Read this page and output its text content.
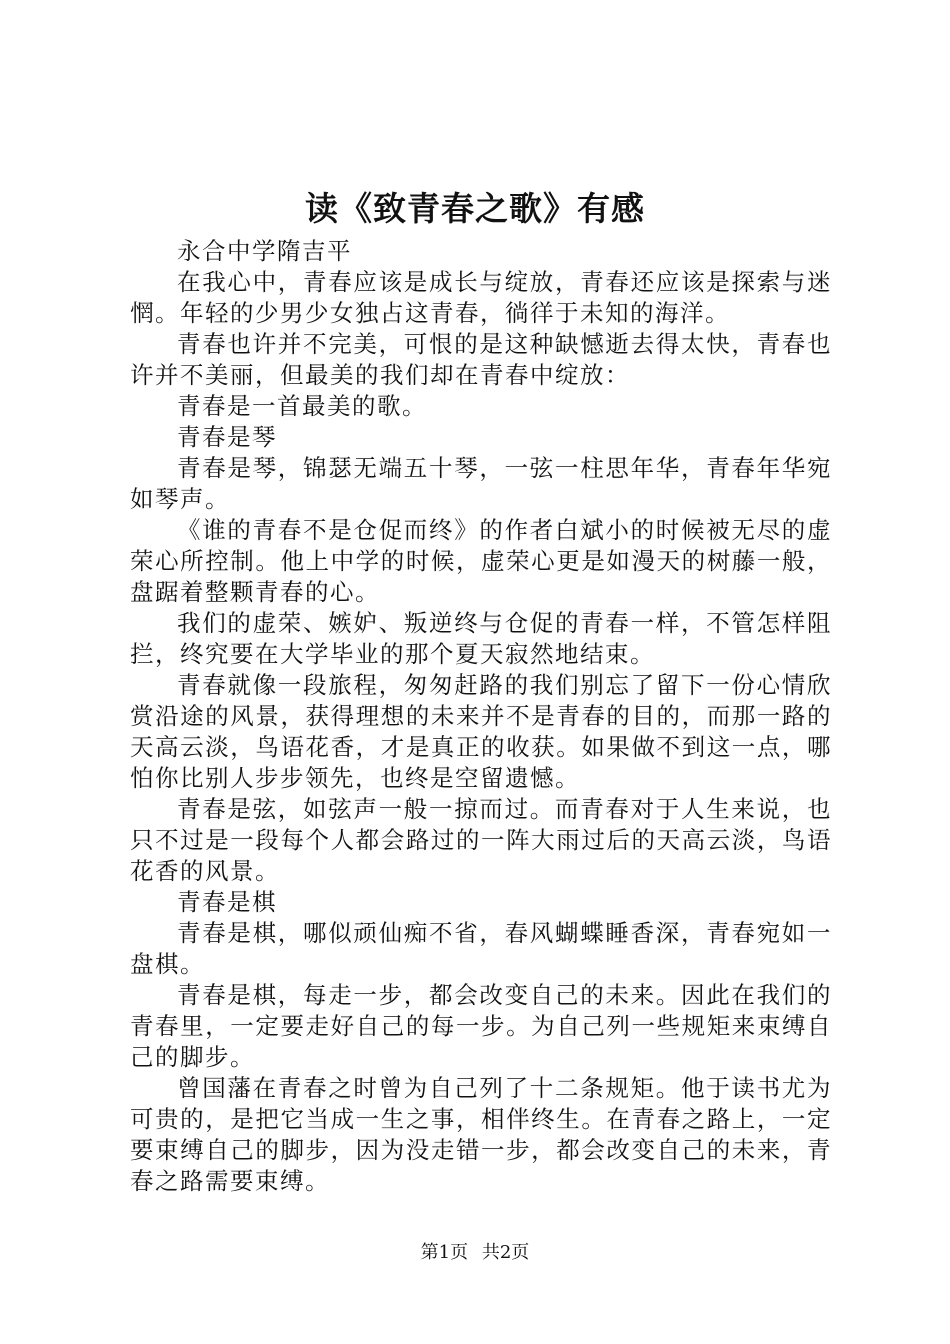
读《致青春之歌》有感

永合中学隋吉平

在我心中，青春应该是成长与绽放，青春还应该是探索与迷惘。年轻的少男少女独占这青春，徜徉于未知的海洋。

青春也许并不完美，可恨的是这种缺憾逝去得太快，青春也许并不美丽，但最美的我们却在青春中绽放：

青春是一首最美的歌。

青春是琴

青春是琴，锦瑟无端五十琴，一弦一柱思年华，青春年华宛如琴声。

《谁的青春不是仓促而终》的作者白斌小的时候被无尽的虚荣心所控制。他上中学的时候，虚荣心更是如漫天的树藤一般，盘踞着整颗青春的心。

我们的虚荣、嫉妒、叛逆终与仓促的青春一样，不管怎样阻拦，终究要在大学毕业的那个夏天寂然地结束。

青春就像一段旅程，匆匆赶路的我们别忘了留下一份心情欣赏沿途的风景，获得理想的未来并不是青春的目的，而那一路的天高云淡，鸟语花香，才是真正的收获。如果做不到这一点，哪怕你比别人步步领先，也终是空留遗憾。

青春是弦，如弦声一般一掠而过。而青春对于人生来说，也只不过是一段每个人都会路过的一阵大雨过后的天高云淡，鸟语花香的风景。

青春是棋

青春是棋，哪似顽仙痴不省，春风蝴蝶睡香深，青春宛如一盘棋。

青春是棋，每走一步，都会改变自己的未来。因此在我们的青春里，一定要走好自己的每一步。为自己列一些规矩来束缚自己的脚步。

曾国藩在青春之时曾为自己列了十二条规矩。他于读书尤为可贵的，是把它当成一生之事，相伴终生。在青春之路上，一定要束缚自己的脚步，因为没走错一步，都会改变自己的未来，青春之路需要束缚。

第1页 共2页
